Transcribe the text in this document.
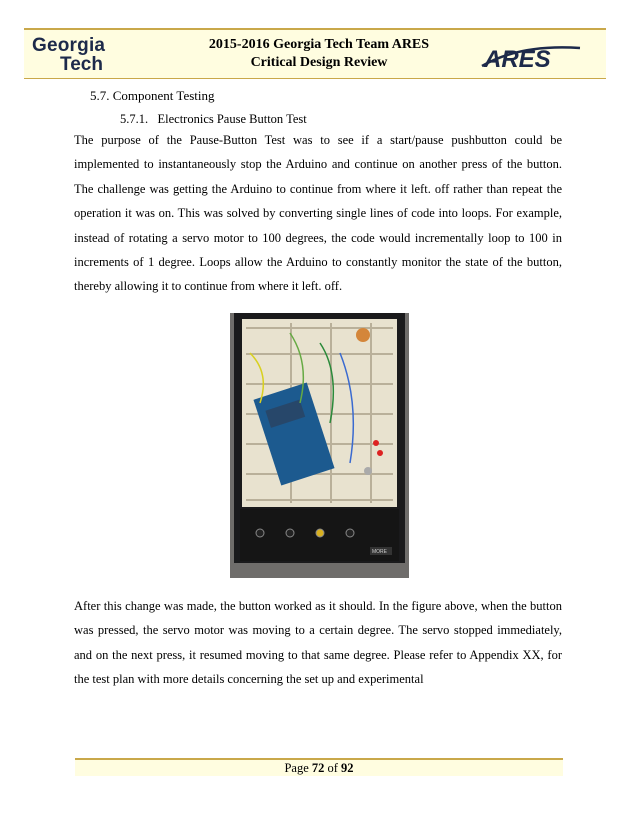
Georgia
Tech
2015-2016 Georgia Tech Team ARES
Critical Design Review	ARES
5.7. Component Testing
5.7.1. Electronics Pause Button Test
The purpose of the Pause-Button Test was to see if a start/pause pushbutton could be implemented to instantaneously stop the Arduino and continue on another press of the button. The challenge was getting the Arduino to continue from where it left. off rather than repeat the operation it was on. This was solved by converting single lines of code into loops. For example, instead of rotating a servo motor to 100 degrees, the code would incrementally loop to 100 in increments of 1 degree. Loops allow the Arduino to constantly monitor the state of the button, thereby allowing it to continue from where it left. off.
MORE
After this change was made, the button worked as it should. In the figure above, when the button was pressed, the servo motor was moving to a certain degree. The servo stopped immediately, and on the next press, it resumed moving to that same degree. Please refer to Appendix XX, for the test plan with more details concerning the set up and experimental
Page 72 of 92
